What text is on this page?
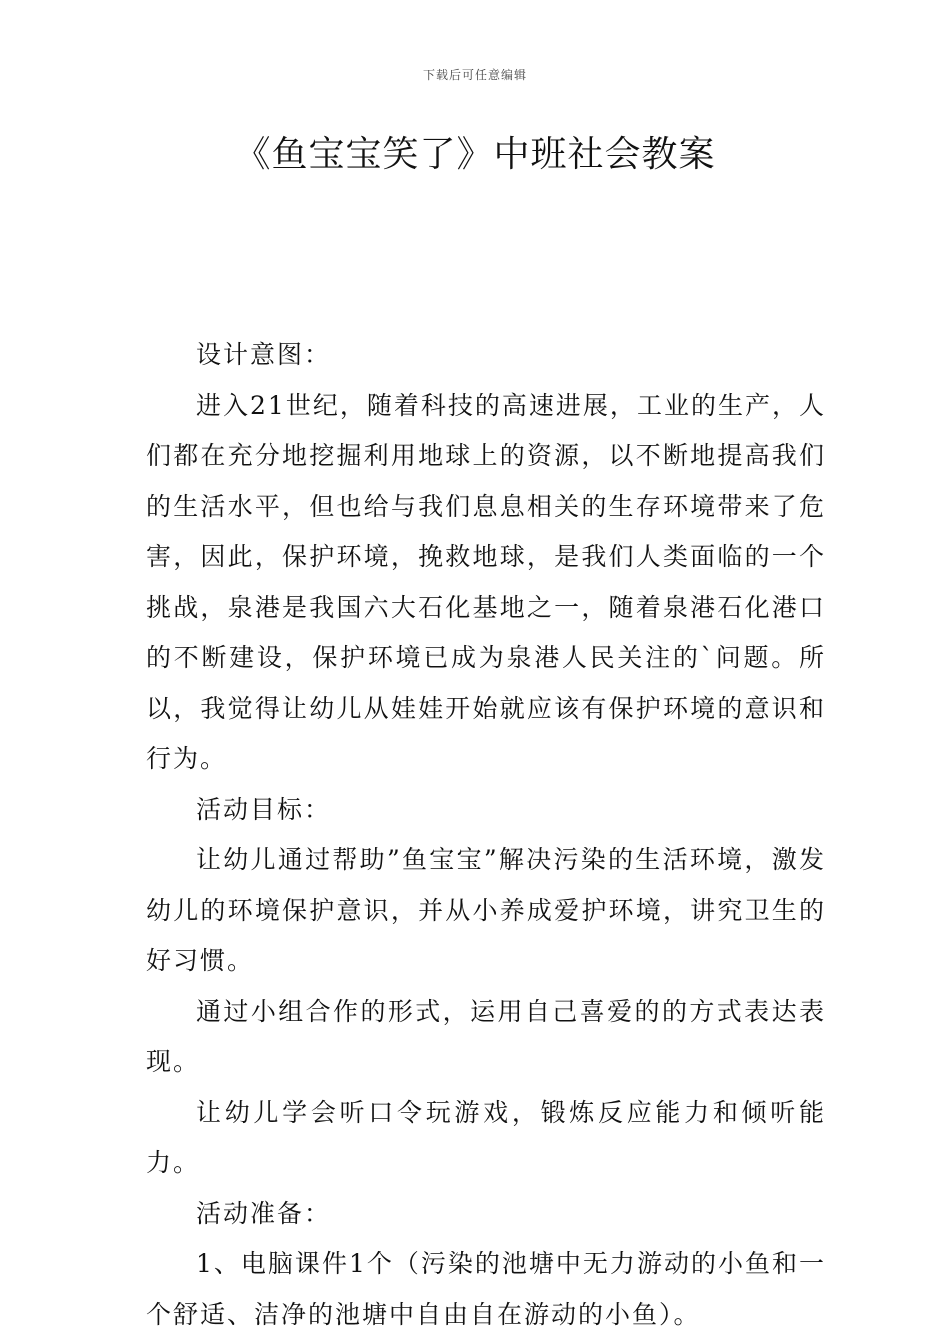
下载后可任意编辑
《鱼宝宝笑了》中班社会教案

设计意图：

进入21世纪，随着科技的高速进展，工业的生产，人们都在充分地挖掘利用地球上的资源，以不断地提高我们的生活水平，但也给与我们息息相关的生存环境带来了危害，因此，保护环境，挽救地球，是我们人类面临的一个挑战，泉港是我国六大石化基地之一，随着泉港石化港口的不断建设，保护环境已成为泉港人民关注的`问题。所以，我觉得让幼儿从娃娃开始就应该有保护环境的意识和行为。

活动目标：

让幼儿通过帮助”鱼宝宝”解决污染的生活环境，激发幼儿的环境保护意识，并从小养成爱护环境，讲究卫生的好习惯。

通过小组合作的形式，运用自己喜爱的的方式表达表现。

让幼儿学会听口令玩游戏，锻炼反应能力和倾听能力。

活动准备：

1、电脑课件1个（污染的池塘中无力游动的小鱼和一个舒适、洁净的池塘中自由自在游动的小鱼）。
